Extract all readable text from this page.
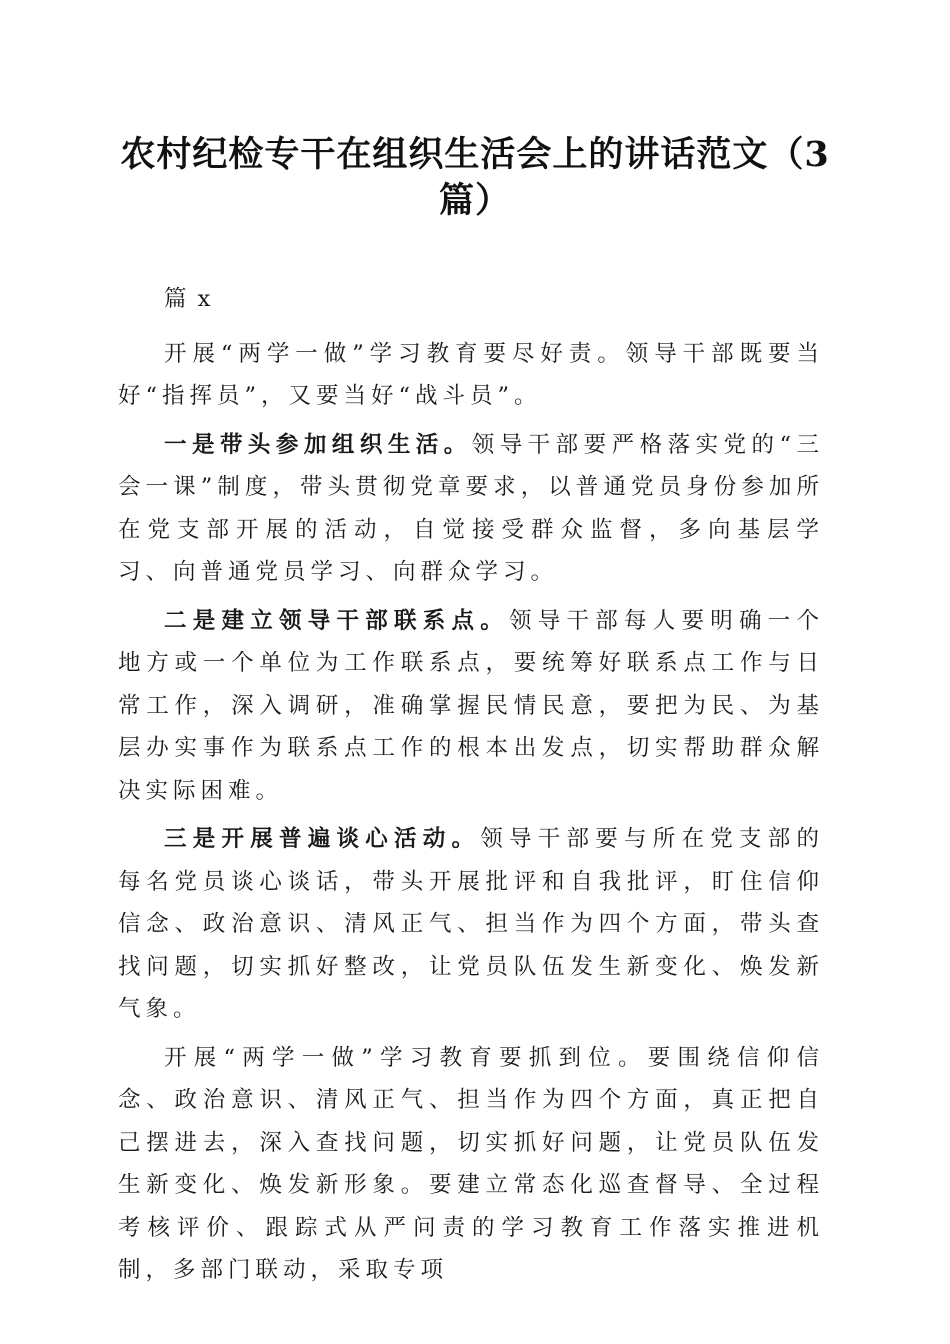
农村纪检专干在组织生活会上的讲话范文（3篇）

篇 x

开展“两学一做”学习教育要尽好责。领导干部既要当好“指挥员”，又要当好“战斗员”。

一是带头参加组织生活。领导干部要严格落实党的“三会一课”制度，带头贯彻党章要求，以普通党员身份参加所在党支部开展的活动，自觉接受群众监督，多向基层学习、向普通党员学习、向群众学习。

二是建立领导干部联系点。领导干部每人要明确一个地方或一个单位为工作联系点，要统筹好联系点工作与日常工作，深入调研，准确掌握民情民意，要把为民、为基层办实事作为联系点工作的根本出发点，切实帮助群众解决实际困难。

三是开展普遍谈心活动。领导干部要与所在党支部的每名党员谈心谈话，带头开展批评和自我批评，盯住信仰信念、政治意识、清风正气、担当作为四个方面，带头查找问题，切实抓好整改，让党员队伍发生新变化、焕发新气象。

开展“两学一做”学习教育要抓到位。要围绕信仰信念、政治意识、清风正气、担当作为四个方面，真正把自己摆进去，深入查找问题，切实抓好问题，让党员队伍发生新变化、焕发新形象。要建立常态化巡查督导、全过程考核评价、跟踪式从严问责的学习教育工作落实推进机制，多部门联动，采取专项
